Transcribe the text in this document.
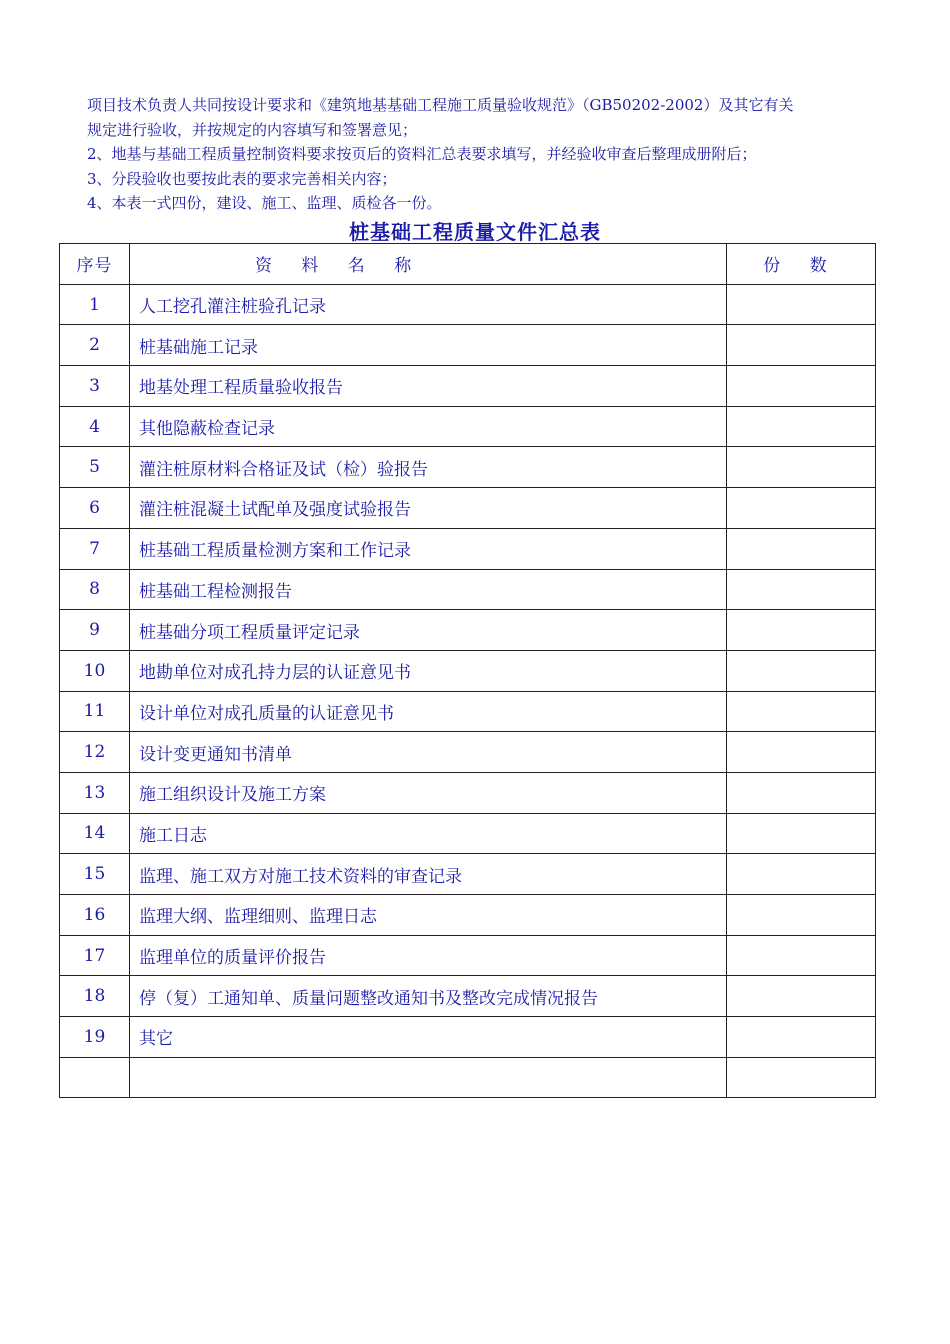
项目技术负责人共同按设计要求和《建筑地基基础工程施工质量验收规范》（GB50202-2002）及其它有关
规定进行验收，并按规定的内容填写和签署意见；
2、地基与基础工程质量控制资料要求按页后的资料汇总表要求填写，并经验收审查后整理成册附后；
3、分段验收也要按此表的要求完善相关内容；
4、本表一式四份，建设、施工、监理、质检各一份。
桩基础工程质量文件汇总表
序号	资 料 名 称	份 数
1	人工挖孔灌注桩验孔记录	
2	桩基础施工记录	
3	地基处理工程质量验收报告	
4	其他隐蔽检查记录	
5	灌注桩原材料合格证及试（检）验报告	
6	灌注桩混凝土试配单及强度试验报告	
7	桩基础工程质量检测方案和工作记录	
8	桩基础工程检测报告	
9	桩基础分项工程质量评定记录	
10	地勘单位对成孔持力层的认证意见书	
11	设计单位对成孔质量的认证意见书	
12	设计变更通知书清单	
13	施工组织设计及施工方案	
14	施工日志	
15	监理、施工双方对施工技术资料的审查记录	
16	监理大纲、监理细则、监理日志	
17	监理单位的质量评价报告	
18	停（复）工通知单、质量问题整改通知书及整改完成情况报告	
19	其它	
